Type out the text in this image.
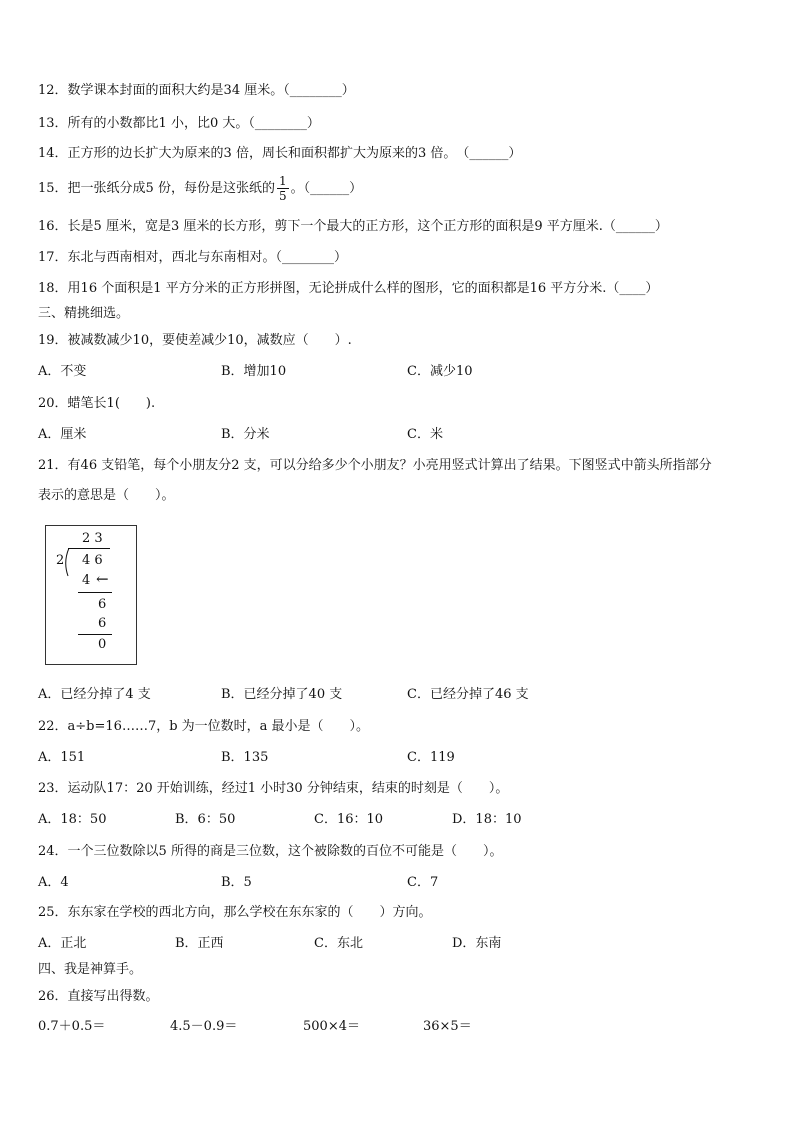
12．数学课本封面的面积大约是34 厘米。（________）
13．所有的小数都比1 小，比0 大。（________）
14．正方形的边长扩大为原来的3 倍，周长和面积都扩大为原来的3 倍。　（______）
15．把一张纸分成5 份，每份是这张纸的 $\frac{1}{5}$ 。（______）
16．长是5 厘米，宽是3 厘米的长方形，剪下一个最大的正方形，这个正方形的面积是9 平方厘米.（______）
17．东北与西南相对，西北与东南相对。（________）
18．用16 个面积是1 平方分米的正方形拼图，无论拼成什么样的图形，它的面积都是16 平方分米.（____）
三、精挑细选。
19．被减数减少10，要使差减少10，减数应（　　）.
A．不变	B．增加10	C．减少10
20．蜡笔长1(　　).
A．厘米	B．分米	C．米
21．有46 支铅笔，每个小朋友分2 支，可以分给多少个小朋友？小亮用竖式计算出了结果。下图竖式中箭头所指部分
表示的意思是（　　）。
2 3
2 4 6
4 ←
6
6
0
A．已经分掉了4 支	B．已经分掉了40 支	C．已经分掉了46 支
22．a÷b=16……7，b 为一位数时，a 最小是（　　）。
A．151	B．135	C．119
23．运动队17：20 开始训练，经过1 小时30 分钟结束，结束的时刻是（　　）。
A．18：50	B．6：50	C．16：10	D．18：10
24．一个三位数除以5 所得的商是三位数，这个被除数的百位不可能是（　　）。
A．4	B．5	C．7
25．东东家在学校的西北方向，那么学校在东东家的（　　）方向。
A．正北	B．正西	C．东北	D．东南
四、我是神算手。
26．直接写出得数。
0.7＋0.5＝	4.5－0.9＝	500×4＝	36×5＝
